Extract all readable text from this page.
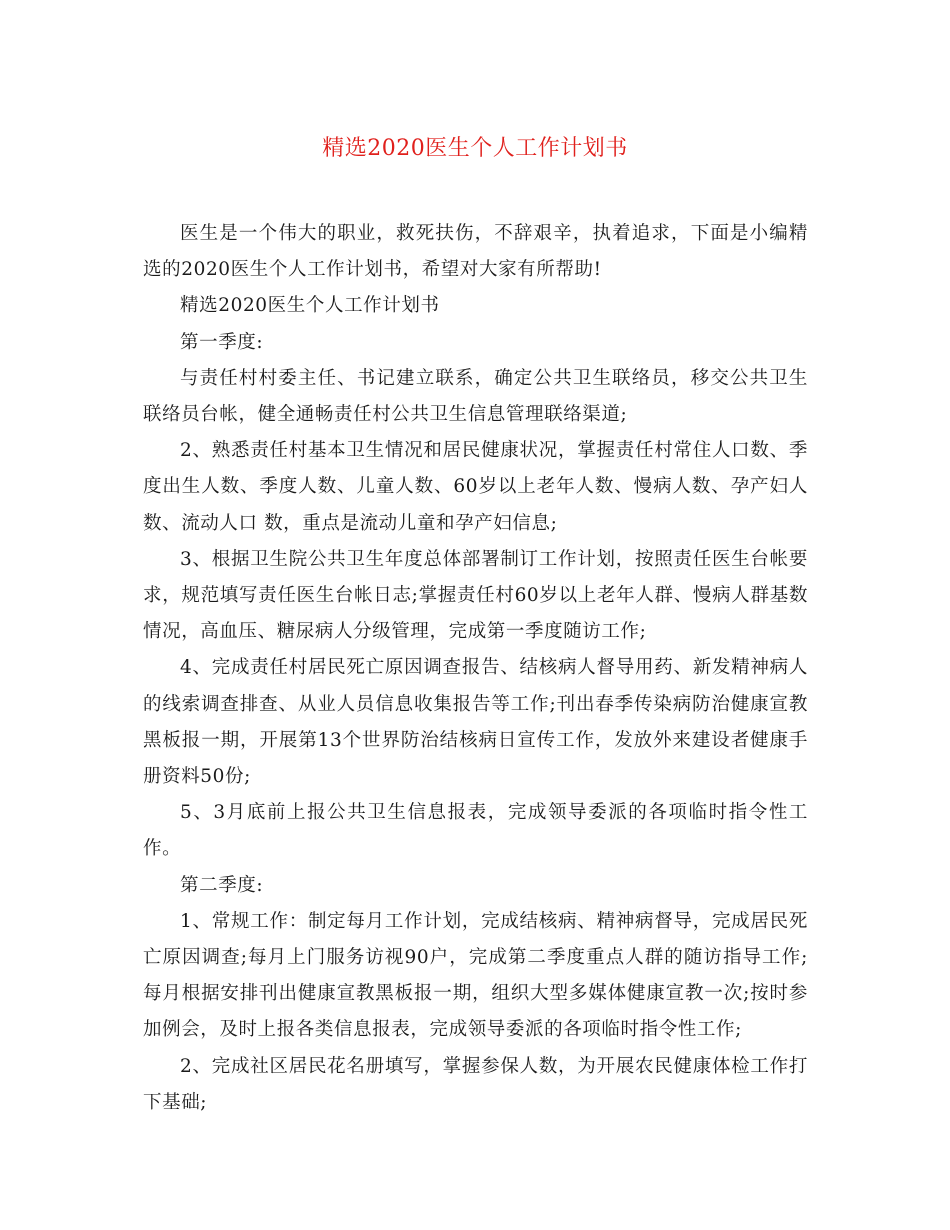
精选2020医生个人工作计划书

医生是一个伟大的职业，救死扶伤，不辞艰辛，执着追求，下面是小编精选的2020医生个人工作计划书，希望对大家有所帮助!

精选2020医生个人工作计划书

第一季度:

与责任村村委主任、书记建立联系，确定公共卫生联络员，移交公共卫生联络员台帐，健全通畅责任村公共卫生信息管理联络渠道;

2、熟悉责任村基本卫生情况和居民健康状况，掌握责任村常住人口数、季度出生人数、季度人数、儿童人数、60岁以上老年人数、慢病人数、孕产妇人数、流动人口 数，重点是流动儿童和孕产妇信息;

3、根据卫生院公共卫生年度总体部署制订工作计划，按照责任医生台帐要求，规范填写责任医生台帐日志;掌握责任村60岁以上老年人群、慢病人群基数情况，高血压、糖尿病人分级管理，完成第一季度随访工作;

4、完成责任村居民死亡原因调查报告、结核病人督导用药、新发精神病人的线索调查排查、从业人员信息收集报告等工作;刊出春季传染病防治健康宣教黑板报一期，开展第13个世界防治结核病日宣传工作，发放外来建设者健康手册资料50份;

5、3月底前上报公共卫生信息报表，完成领导委派的各项临时指令性工作。

第二季度:

1、常规工作：制定每月工作计划，完成结核病、精神病督导，完成居民死亡原因调查;每月上门服务访视90户，完成第二季度重点人群的随访指导工作;每月根据安排刊出健康宣教黑板报一期，组织大型多媒体健康宣教一次;按时参加例会，及时上报各类信息报表，完成领导委派的各项临时指令性工作;

2、完成社区居民花名册填写，掌握参保人数，为开展农民健康体检工作打下基础;
